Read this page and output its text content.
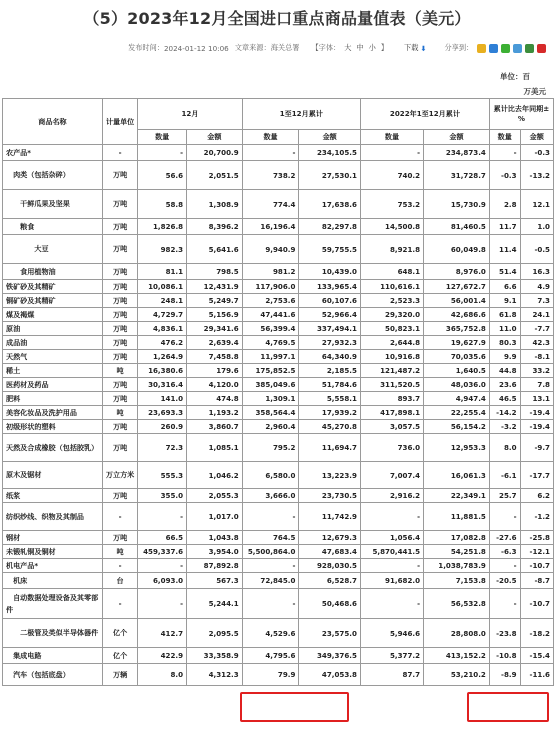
（5）2023年12月全国进口重点商品量值表（美元）
发布时间： 2024-01-12 10:06 文章来源： 海关总署 【字体： 大 中 小 】 下载 ⬇	分享到：
单位：百
万美元
商品名称	计量单位	12月		1至12月累计		2022年1至12月累计		累计比去年同期±%	
		数量	金额	数量	金额	数量	金额	数量	金额
农产品*	-	-	20,700.9	-	234,105.5	-	234,873.4	-	-0.3
　肉类（包括杂碎）	万吨	56.6	2,051.5	738.2	27,530.1	740.2	31,728.7	-0.3	-13.2
　　干鲜瓜果及坚果	万吨	58.8	1,308.9	774.4	17,638.6	753.2	15,730.9	2.8	12.1
　　粮食	万吨	1,826.8	8,396.2	16,196.4	82,297.8	14,500.8	81,460.5	11.7	1.0
　　　　大豆	万吨	982.3	5,641.6	9,940.9	59,755.5	8,921.8	60,049.8	11.4	-0.5
　　食用植物油	万吨	81.1	798.5	981.2	10,439.0	648.1	8,976.0	51.4	16.3
铁矿砂及其精矿	万吨	10,086.1	12,431.9	117,906.0	133,965.4	110,616.1	127,672.7	6.6	4.9
铜矿砂及其精矿	万吨	248.1	5,249.7	2,753.6	60,107.6	2,523.3	56,001.4	9.1	7.3
煤及褐煤	万吨	4,729.7	5,156.9	47,441.6	52,966.4	29,320.0	42,686.6	61.8	24.1
原油	万吨	4,836.1	29,341.6	56,399.4	337,494.1	50,823.1	365,752.8	11.0	-7.7
成品油	万吨	476.2	2,639.4	4,769.5	27,932.3	2,644.8	19,627.9	80.3	42.3
天然气	万吨	1,264.9	7,458.8	11,997.1	64,340.9	10,916.8	70,035.6	9.9	-8.1
稀土	吨	16,380.6	179.6	175,852.5	2,185.5	121,487.2	1,640.5	44.8	33.2
医药材及药品	万吨	30,316.4	4,120.0	385,049.6	51,784.6	311,520.5	48,036.0	23.6	7.8
肥料	万吨	141.0	474.8	1,309.1	5,558.1	893.7	4,947.4	46.5	13.1
美容化妆品及洗护用品	吨	23,693.3	1,193.2	358,564.4	17,939.2	417,898.1	22,255.4	-14.2	-19.4
初级形状的塑料	万吨	260.9	3,860.7	2,960.4	45,270.8	3,057.5	56,154.2	-3.2	-19.4
天然及合成橡胶（包括胶乳）	万吨	72.3	1,085.1	795.2	11,694.7	736.0	12,953.3	8.0	-9.7
原木及锯材	万立方米	555.3	1,046.2	6,580.0	13,223.9	7,007.4	16,061.3	-6.1	-17.7
纸浆	万吨	355.0	2,055.3	3,666.0	23,730.5	2,916.2	22,349.1	25.7	6.2
纺织纱线、织物及其制品	-	-	1,017.0	-	11,742.9	-	11,881.5	-	-1.2
钢材	万吨	66.5	1,043.8	764.5	12,679.3	1,056.4	17,082.8	-27.6	-25.8
未锻轧铜及铜材	吨	459,337.6	3,954.0	5,500,864.0	47,683.4	5,870,441.5	54,251.8	-6.3	-12.1
机电产品*	-	-	87,892.8	-	928,030.5	-	1,038,783.9	-	-10.7
　机床	台	6,093.0	567.3	72,845.0	6,528.7	91,682.0	7,153.8	-20.5	-8.7
　自动数据处理设备及其零部件	-	-	5,244.1	-	50,468.6	-	56,532.8	-	-10.7
　　二极管及类似半导体器件	亿个	412.7	2,095.5	4,529.6	23,575.0	5,946.6	28,808.0	-23.8	-18.2
　集成电路	亿个	422.9	33,358.9	4,795.6	349,376.5	5,377.2	413,152.2	-10.8	-15.4
　汽车（包括底盘）	万辆	8.0	4,312.3	79.9	47,053.8	87.7	53,210.2	-8.9	-11.6
